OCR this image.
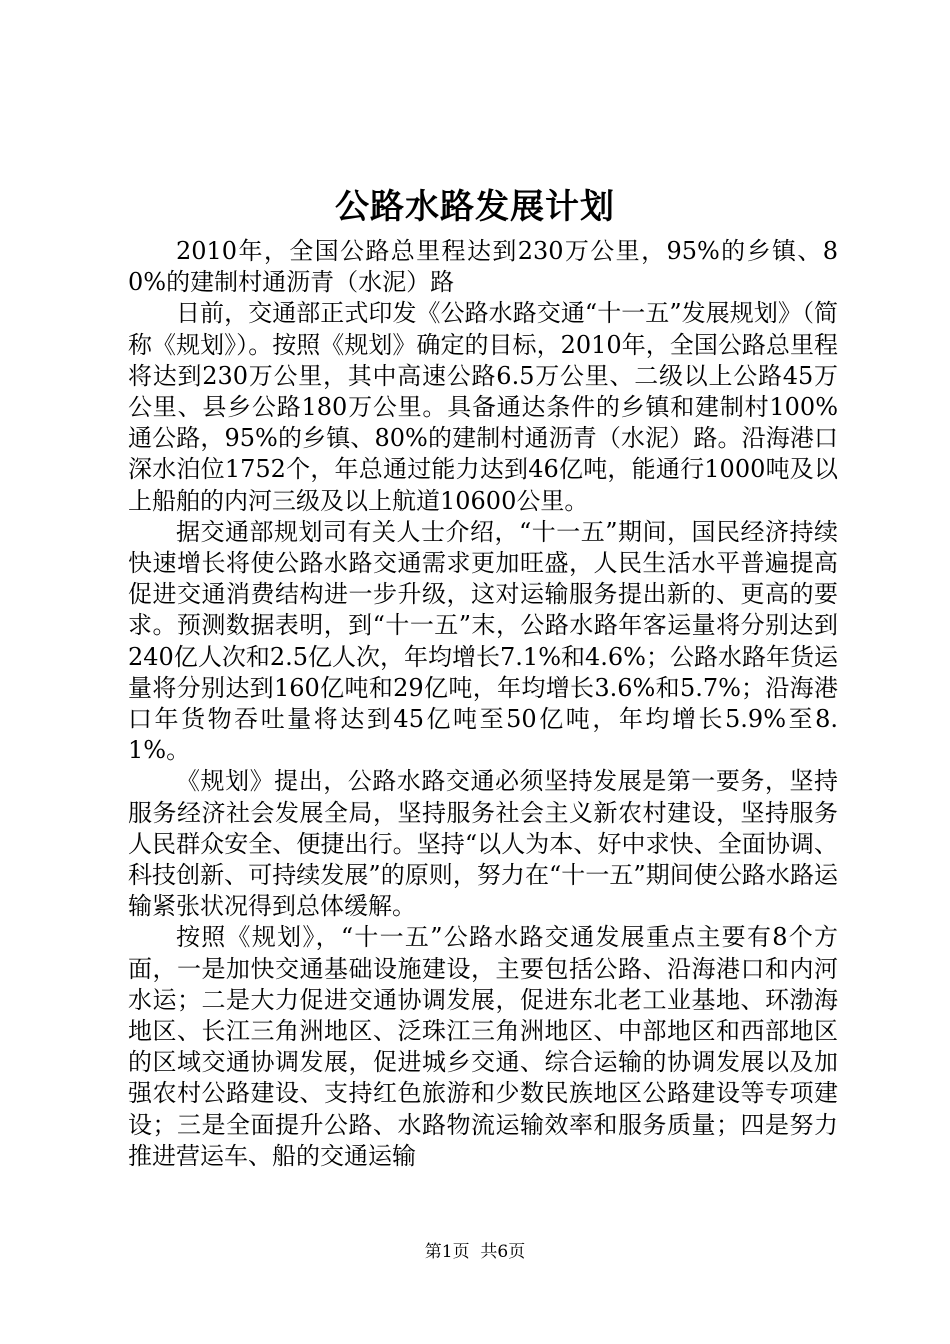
公路水路发展计划

2010年，全国公路总里程达到230万公里，95%的乡镇、80%的建制村通沥青（水泥）路

日前，交通部正式印发《公路水路交通“十一五”发展规划》（简称《规划》）。按照《规划》确定的目标，2010年，全国公路总里程将达到230万公里，其中高速公路6.5万公里、二级以上公路45万公里、县乡公路180万公里。具备通达条件的乡镇和建制村100%通公路，95%的乡镇、80%的建制村通沥青（水泥）路。沿海港口深水泊位1752个，年总通过能力达到46亿吨，能通行1000吨及以上船舶的内河三级及以上航道10600公里。

据交通部规划司有关人士介绍，“十一五”期间，国民经济持续快速增长将使公路水路交通需求更加旺盛，人民生活水平普遍提高促进交通消费结构进一步升级，这对运输服务提出新的、更高的要求。预测数据表明，到“十一五”末，公路水路年客运量将分别达到240亿人次和2.5亿人次，年均增长7.1%和4.6%；公路水路年货运量将分别达到160亿吨和29亿吨，年均增长3.6%和5.7%；沿海港口年货物吞吐量将达到45亿吨至50亿吨，年均增长5.9%至8.1%。

《规划》提出，公路水路交通必须坚持发展是第一要务，坚持服务经济社会发展全局，坚持服务社会主义新农村建设，坚持服务人民群众安全、便捷出行。坚持“以人为本、好中求快、全面协调、科技创新、可持续发展”的原则，努力在“十一五”期间使公路水路运输紧张状况得到总体缓解。

按照《规划》，“十一五”公路水路交通发展重点主要有8个方面，一是加快交通基础设施建设，主要包括公路、沿海港口和内河水运；二是大力促进交通协调发展，促进东北老工业基地、环渤海地区、长江三角洲地区、泛珠江三角洲地区、中部地区和西部地区的区域交通协调发展，促进城乡交通、综合运输的协调发展以及加强农村公路建设、支持红色旅游和少数民族地区公路建设等专项建设；三是全面提升公路、水路物流运输效率和服务质量；四是努力推进营运车、船的交通运输

第1页 共6页
